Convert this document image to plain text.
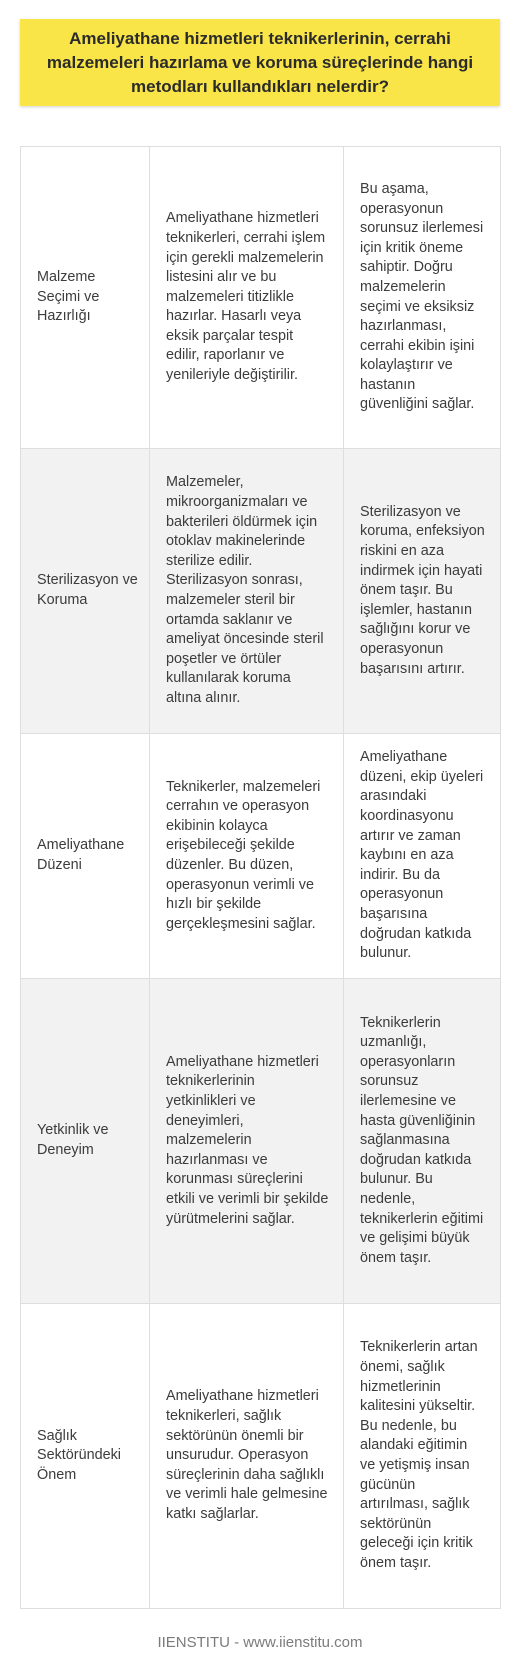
Ameliyathane hizmetleri teknikerlerinin, cerrahi malzemeleri hazırlama ve koruma süreçlerinde hangi metodları kullandıkları nelerdir?
Malzeme Seçimi ve Hazırlığı	Ameliyathane hizmetleri teknikerleri, cerrahi işlem için gerekli malzemelerin listesini alır ve bu malzemeleri titizlikle hazırlar. Hasarlı veya eksik parçalar tespit edilir, raporlanır ve yenileriyle değiştirilir.	Bu aşama, operasyonun sorunsuz ilerlemesi için kritik öneme sahiptir. Doğru malzemelerin seçimi ve eksiksiz hazırlanması, cerrahi ekibin işini kolaylaştırır ve hastanın güvenliğini sağlar.
Sterilizasyon ve Koruma	Malzemeler, mikroorganizmaları ve bakterileri öldürmek için otoklav makinelerinde sterilize edilir. Sterilizasyon sonrası, malzemeler steril bir ortamda saklanır ve ameliyat öncesinde steril poşetler ve örtüler kullanılarak koruma altına alınır.	Sterilizasyon ve koruma, enfeksiyon riskini en aza indirmek için hayati önem taşır. Bu işlemler, hastanın sağlığını korur ve operasyonun başarısını artırır.
Ameliyathane Düzeni	Teknikerler, malzemeleri cerrahın ve operasyon ekibinin kolayca erişebileceği şekilde düzenler. Bu düzen, operasyonun verimli ve hızlı bir şekilde gerçekleşmesini sağlar.	Ameliyathane düzeni, ekip üyeleri arasındaki koordinasyonu artırır ve zaman kaybını en aza indirir. Bu da operasyonun başarısına doğrudan katkıda bulunur.
Yetkinlik ve Deneyim	Ameliyathane hizmetleri teknikerlerinin yetkinlikleri ve deneyimleri, malzemelerin hazırlanması ve korunması süreçlerini etkili ve verimli bir şekilde yürütmelerini sağlar.	Teknikerlerin uzmanlığı, operasyonların sorunsuz ilerlemesine ve hasta güvenliğinin sağlanmasına doğrudan katkıda bulunur. Bu nedenle, teknikerlerin eğitimi ve gelişimi büyük önem taşır.
Sağlık Sektöründeki Önem	Ameliyathane hizmetleri teknikerleri, sağlık sektörünün önemli bir unsurudur. Operasyon süreçlerinin daha sağlıklı ve verimli hale gelmesine katkı sağlarlar.	Teknikerlerin artan önemi, sağlık hizmetlerinin kalitesini yükseltir. Bu nedenle, bu alandaki eğitimin ve yetişmiş insan gücünün artırılması, sağlık sektörünün geleceği için kritik önem taşır.
IIENSTITU - www.iienstitu.com
